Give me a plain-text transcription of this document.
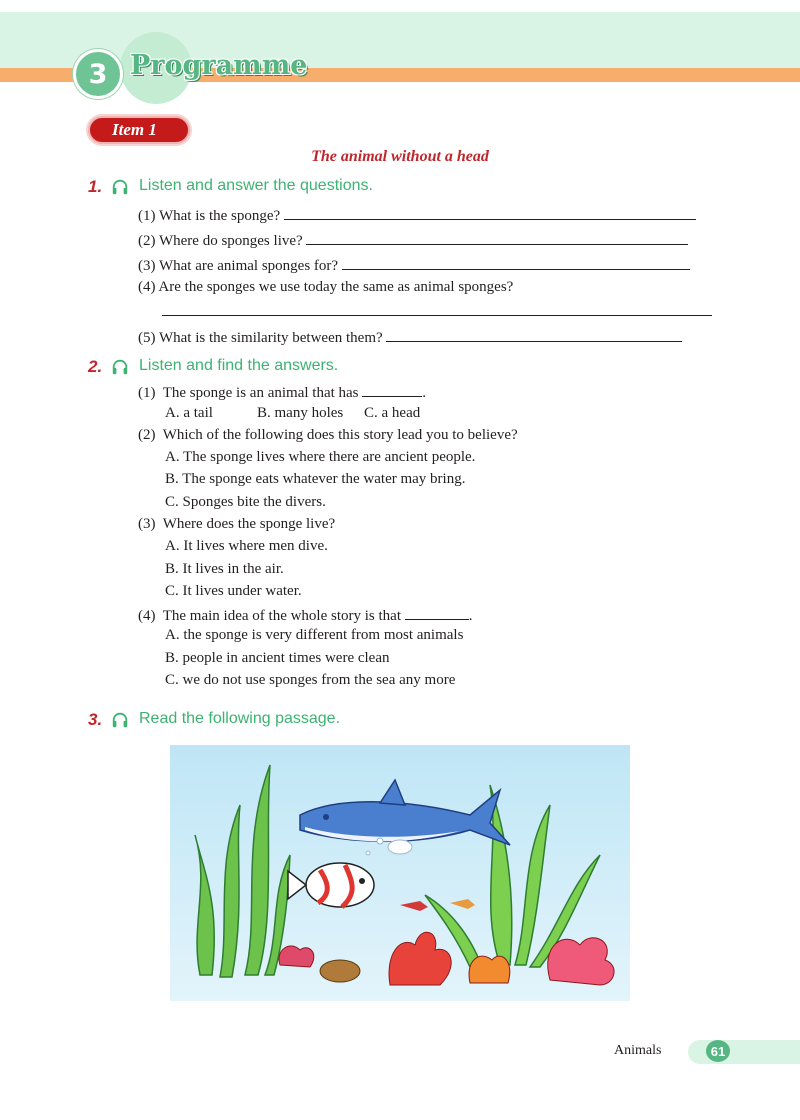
3 Programme
Item 1
The animal without a head
1. Listen and answer the questions.
(1) What is the sponge?
(2) Where do sponges live?
(3) What are animal sponges for?
(4) Are the sponges we use today the same as animal sponges?
(5) What is the similarity between them?
2. Listen and find the answers.
(1) The sponge is an animal that has	.
A. a tail	B. many holes C. a head
(2) Which of the following does this story lead you to believe?
A. The sponge lives where there are ancient people.
B. The sponge eats whatever the water may bring.
C. Sponges bite the divers.
(3) Where does the sponge live?
A. It lives where men dive.
B. It lives in the air.
C. It lives under water.
(4) The main idea of the whole story is that	.
A. the sponge is very different from most animals
B. people in ancient times were clean
C. we do not use sponges from the sea any more
3. Read the following passage.
Animals	61
